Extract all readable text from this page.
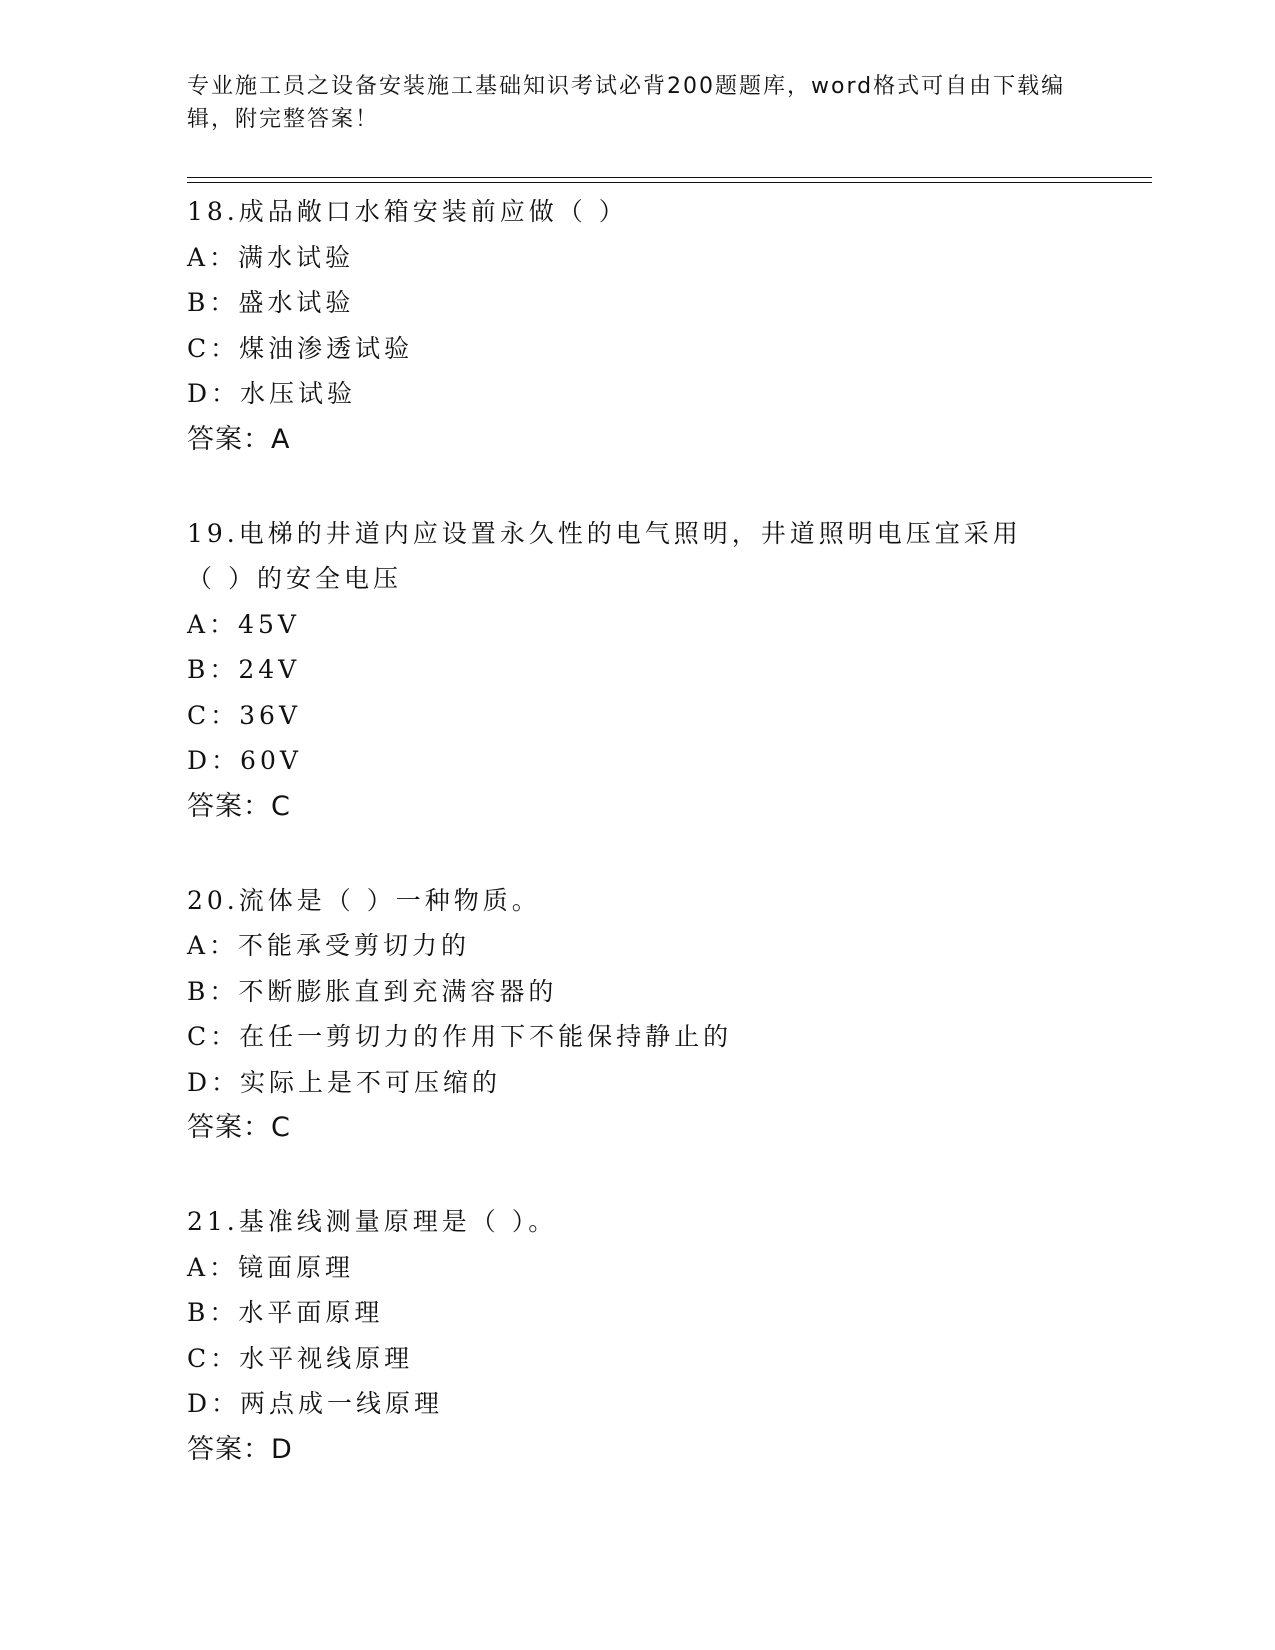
专业施工员之设备安装施工基础知识考试必背200题题库，word格式可自由下载编辑，附完整答案！
18.成品敞口水箱安装前应做（ ）
A：满水试验
B：盛水试验
C：煤油渗透试验
D：水压试验
答案：A
19.电梯的井道内应设置永久性的电气照明，井道照明电压宜采用（ ）的安全电压
A：45V
B：24V
C：36V
D：60V
答案：C
20.流体是（ ）一种物质。
A：不能承受剪切力的
B：不断膨胀直到充满容器的
C：在任一剪切力的作用下不能保持静止的
D：实际上是不可压缩的
答案：C
21.基准线测量原理是（ ）。
A：镜面原理
B：水平面原理
C：水平视线原理
D：两点成一线原理
答案：D
